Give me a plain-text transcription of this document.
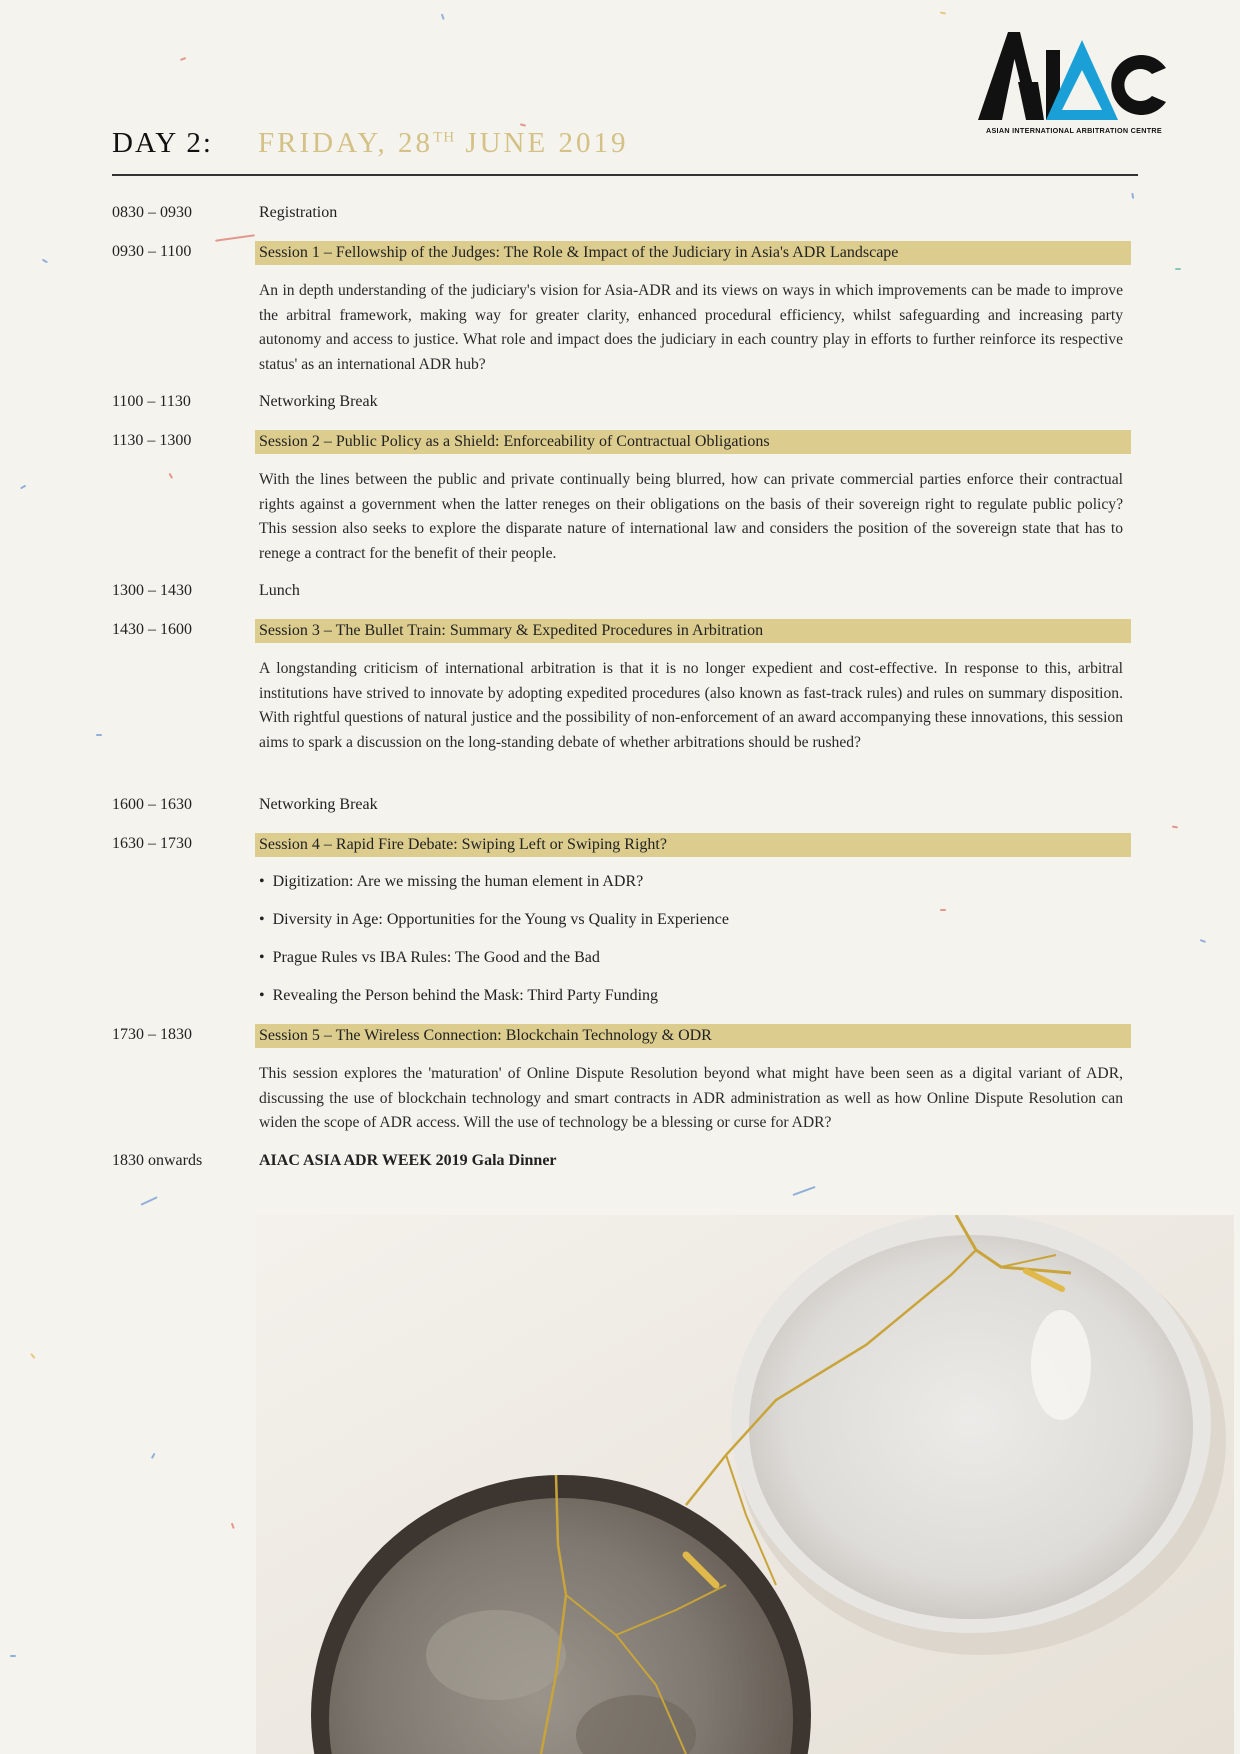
ASIAN INTERNATIONAL ARBITRATION CENTRE
DAY 2: FRIDAY, 28TH JUNE 2019
0830 – 0930	Registration
0930 – 1100	Session 1 – Fellowship of the Judges: The Role & Impact of the Judiciary in Asia's ADR Landscape
An in depth understanding of the judiciary's vision for Asia-ADR and its views on ways in which improvements can be made to improve the arbitral framework, making way for greater clarity, enhanced procedural efficiency, whilst safeguarding and increasing party autonomy and access to justice. What role and impact does the judiciary in each country play in efforts to further reinforce its respective status' as an international ADR hub?
1100 – 1130	Networking Break
1130 – 1300	Session 2 – Public Policy as a Shield: Enforceability of Contractual Obligations
With the lines between the public and private continually being blurred, how can private commercial parties enforce their contractual rights against a government when the latter reneges on their obligations on the basis of their sovereign right to regulate public policy? This session also seeks to explore the disparate nature of international law and considers the position of the sovereign state that has to renege a contract for the benefit of their people.
1300 – 1430	Lunch
1430 – 1600	Session 3 – The Bullet Train: Summary & Expedited Procedures in Arbitration
A longstanding criticism of international arbitration is that it is no longer expedient and cost-effective. In response to this, arbitral institutions have strived to innovate by adopting expedited procedures (also known as fast-track rules) and rules on summary disposition. With rightful questions of natural justice and the possibility of non-enforcement of an award accompanying these innovations, this session aims to spark a discussion on the long-standing debate of whether arbitrations should be rushed?
1600 – 1630	Networking Break
1630 – 1730	Session 4 – Rapid Fire Debate: Swiping Left or Swiping Right?
• Digitization: Are we missing the human element in ADR?
• Diversity in Age: Opportunities for the Young vs Quality in Experience
• Prague Rules vs IBA Rules: The Good and the Bad
• Revealing the Person behind the Mask: Third Party Funding
1730 – 1830	Session 5 – The Wireless Connection: Blockchain Technology & ODR
This session explores the 'maturation' of Online Dispute Resolution beyond what might have been seen as a digital variant of ADR, discussing the use of blockchain technology and smart contracts in ADR administration as well as how Online Dispute Resolution can widen the scope of ADR access. Will the use of technology be a blessing or curse for ADR?
1830 onwards	AIAC ASIA ADR WEEK 2019 Gala Dinner
